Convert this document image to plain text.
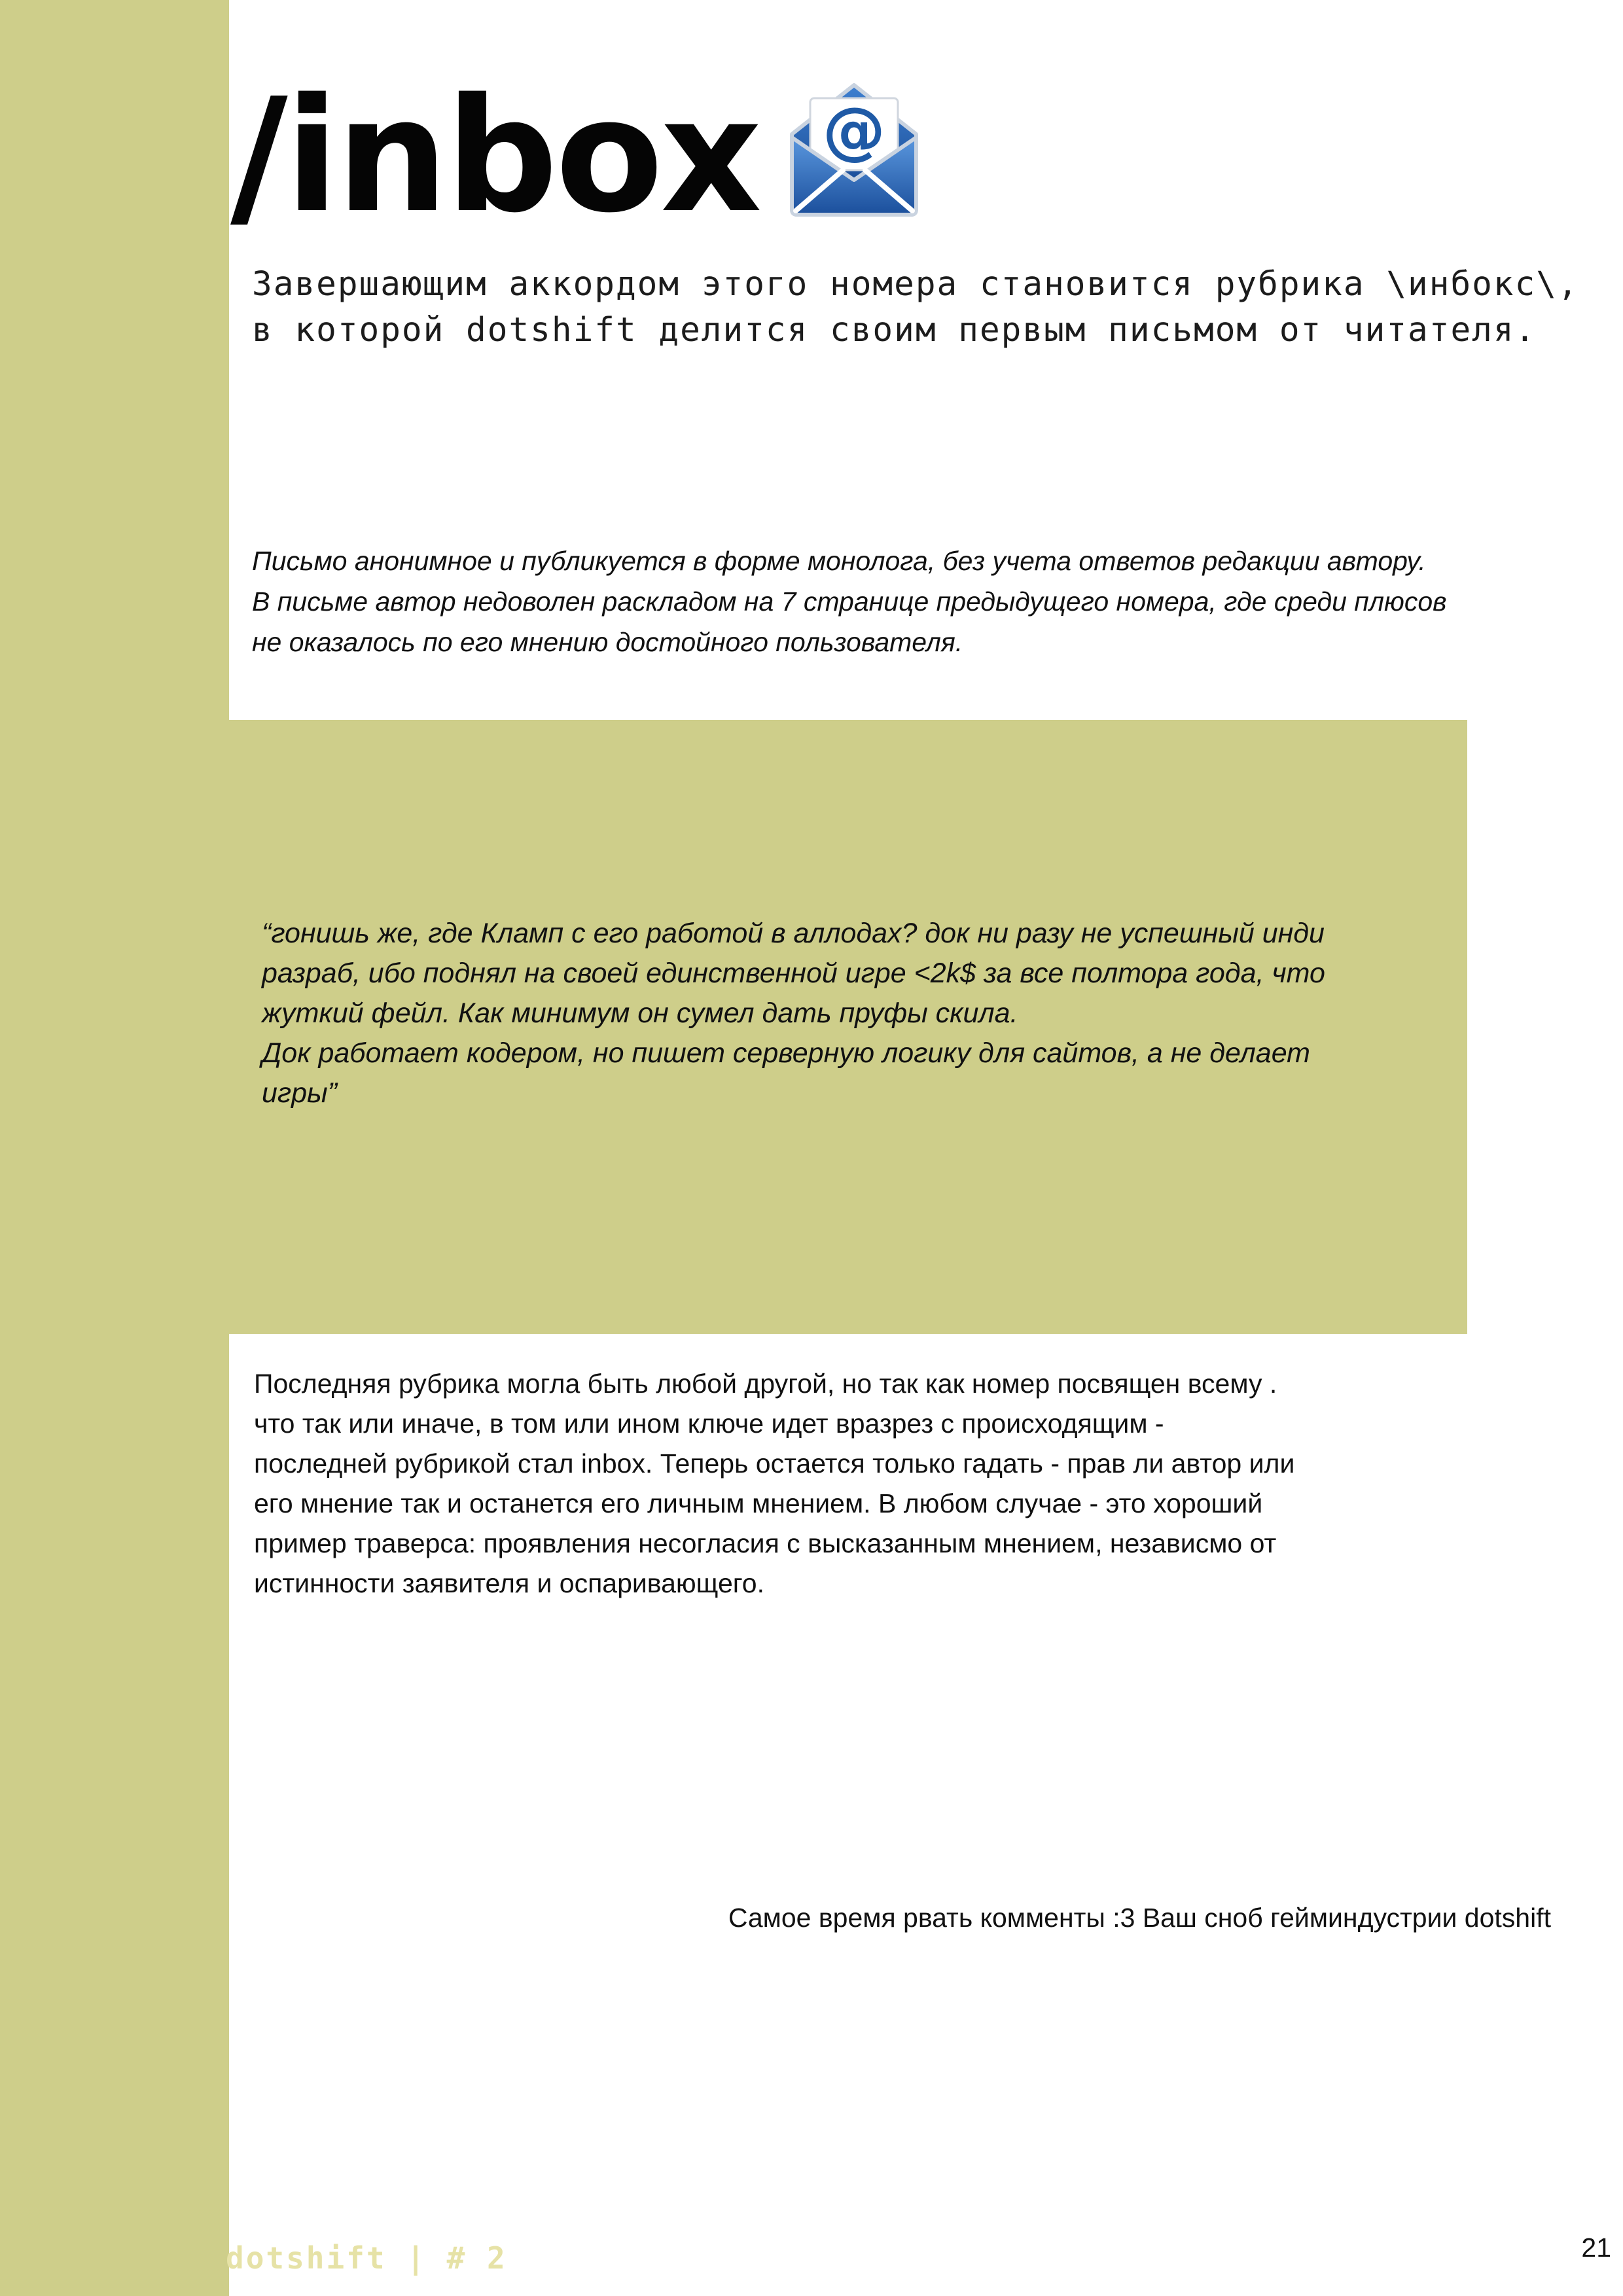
/inbox @
Завершающим аккордом этого номера становится рубрика \инбокс\,
в которой dotshift делится своим первым письмом от читателя.
Письмо анонимное и публикуется в форме монолога, без учета ответов редакции автору.
В письме автор недоволен раскладом на 7 странице предыдущего номера, где среди плюсов
не оказалось по его мнению достойного пользователя.
“гонишь же, где Кламп с его работой в аллодах? док ни разу не успешный инди
разраб, ибо поднял на своей единственной игре <2k$ за все полтора года, что
жуткий фейл. Как минимум он сумел дать пруфы скила.
Док работает кодером, но пишет серверную логику для сайтов, а не делает
игры”
Последняя рубрика могла быть любой другой, но так как номер посвящен всему .
что так или иначе, в том или ином ключе идет вразрез с происходящим -
последней рубрикой стал inbox. Теперь остается только гадать - прав ли автор или
его мнение так и останется его личным мнением. В любом случае - это хороший
пример траверса: проявления несогласия с высказанным мнением, независмо от
истинности заявителя и оспаривающего.
Самое время рвать комменты :3 Ваш сноб гейминдустрии dotshift
dotshift | # 2	21
